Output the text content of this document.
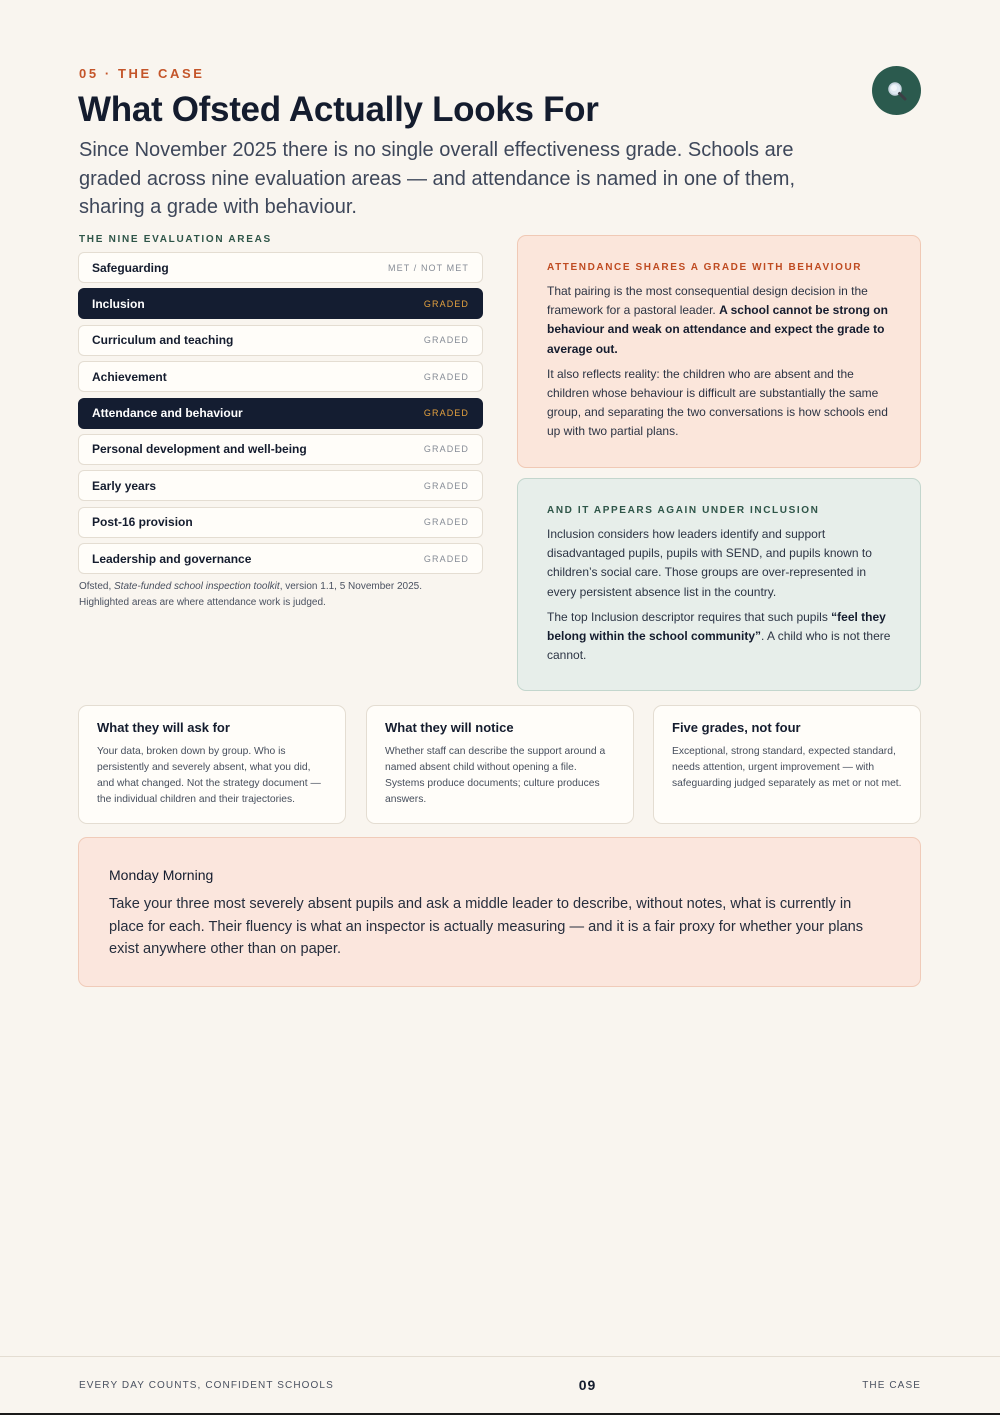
05 · THE CASE
What Ofsted Actually Looks For

Since November 2025 there is no single overall effectiveness grade. Schools are graded across nine evaluation areas — and attendance is named in one of them, sharing a grade with behaviour.

THE NINE EVALUATION AREAS
Safeguarding	MET / NOT MET
Inclusion	GRADED
Curriculum and teaching	GRADED
Achievement	GRADED
Attendance and behaviour	GRADED
Personal development and well-being	GRADED
Early years	GRADED
Post-16 provision	GRADED
Leadership and governance	GRADED
Ofsted, State-funded school inspection toolkit, version 1.1, 5 November 2025.
Highlighted areas are where attendance work is judged.
ATTENDANCE SHARES A GRADE WITH BEHAVIOUR

That pairing is the most consequential design decision in the framework for a pastoral leader. A school cannot be strong on behaviour and weak on attendance and expect the grade to average out.

It also reflects reality: the children who are absent and the children whose behaviour is difficult are substantially the same group, and separating the two conversations is how schools end up with two partial plans.

AND IT APPEARS AGAIN UNDER INCLUSION

Inclusion considers how leaders identify and support disadvantaged pupils, pupils with SEND, and pupils known to children’s social care. Those groups are over-represented in every persistent absence list in the country.

The top Inclusion descriptor requires that such pupils “feel they belong within the school community”. A child who is not there cannot.

What they will ask for

Your data, broken down by group. Who is persistently and severely absent, what you did, and what changed. Not the strategy document — the individual children and their trajectories.

What they will notice

Whether staff can describe the support around a named absent child without opening a file. Systems produce documents; culture produces answers.

Five grades, not four

Exceptional, strong standard, expected standard, needs attention, urgent improvement — with safeguarding judged separately as met or not met.

Monday Morning

Take your three most severely absent pupils and ask a middle leader to describe, without notes, what is currently in place for each. Their fluency is what an inspector is actually measuring — and it is a fair proxy for whether your plans exist anywhere other than on paper.

EVERY DAY COUNTS, CONFIDENT SCHOOLS	09	THE CASE
